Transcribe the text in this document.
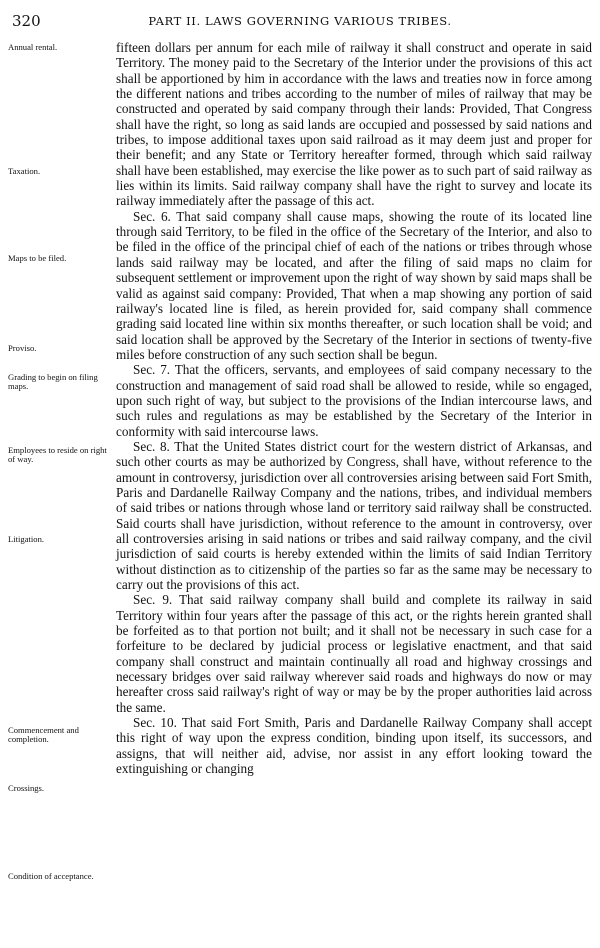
320	PART II. LAWS GOVERNING VARIOUS TRIBES.
Annual rental.
Taxation.
Maps to be filed.
Proviso.
Grading to begin on filing maps.
Employees to reside on right of way.
Litigation.
Commencement and completion.
Crossings.
Condition of acceptance.

fifteen dollars per annum for each mile of railway it shall construct and operate in said Territory. The money paid to the Secretary of the Interior under the provisions of this act shall be apportioned by him in accordance with the laws and treaties now in force among the different nations and tribes according to the number of miles of railway that may be constructed and operated by said company through their lands: Provided, That Congress shall have the right, so long as said lands are occupied and possessed by said nations and tribes, to impose additional taxes upon said railroad as it may deem just and proper for their benefit; and any State or Territory hereafter formed, through which said railway shall have been established, may exercise the like power as to such part of said railway as lies within its limits. Said railway company shall have the right to survey and locate its railway immediately after the passage of this act.

Sec. 6. That said company shall cause maps, showing the route of its located line through said Territory, to be filed in the office of the Secretary of the Interior, and also to be filed in the office of the principal chief of each of the nations or tribes through whose lands said railway may be located, and after the filing of said maps no claim for subsequent settlement or improvement upon the right of way shown by said maps shall be valid as against said company: Provided, That when a map showing any portion of said railway's located line is filed, as herein provided for, said company shall commence grading said located line within six months thereafter, or such location shall be void; and said location shall be approved by the Secretary of the Interior in sections of twenty-five miles before construction of any such section shall be begun.

Sec. 7. That the officers, servants, and employees of said company necessary to the construction and management of said road shall be allowed to reside, while so engaged, upon such right of way, but subject to the provisions of the Indian intercourse laws, and such rules and regulations as may be established by the Secretary of the Interior in conformity with said intercourse laws.

Sec. 8. That the United States district court for the western district of Arkansas, and such other courts as may be authorized by Congress, shall have, without reference to the amount in controversy, jurisdiction over all controversies arising between said Fort Smith, Paris and Dardanelle Railway Company and the nations, tribes, and individual members of said tribes or nations through whose land or territory said railway shall be constructed. Said courts shall have jurisdiction, without reference to the amount in controversy, over all controversies arising in said nations or tribes and said railway company, and the civil jurisdiction of said courts is hereby extended within the limits of said Indian Territory without distinction as to citizenship of the parties so far as the same may be necessary to carry out the provisions of this act.

Sec. 9. That said railway company shall build and complete its railway in said Territory within four years after the passage of this act, or the rights herein granted shall be forfeited as to that portion not built; and it shall not be necessary in such case for a forfeiture to be declared by judicial process or legislative enactment, and that said company shall construct and maintain continually all road and highway crossings and necessary bridges over said railway wherever said roads and highways do now or may hereafter cross said railway's right of way or may be by the proper authorities laid across the same.

Sec. 10. That said Fort Smith, Paris and Dardanelle Railway Company shall accept this right of way upon the express condition, binding upon itself, its successors, and assigns, that will neither aid, advise, nor assist in any effort looking toward the extinguishing or changing
